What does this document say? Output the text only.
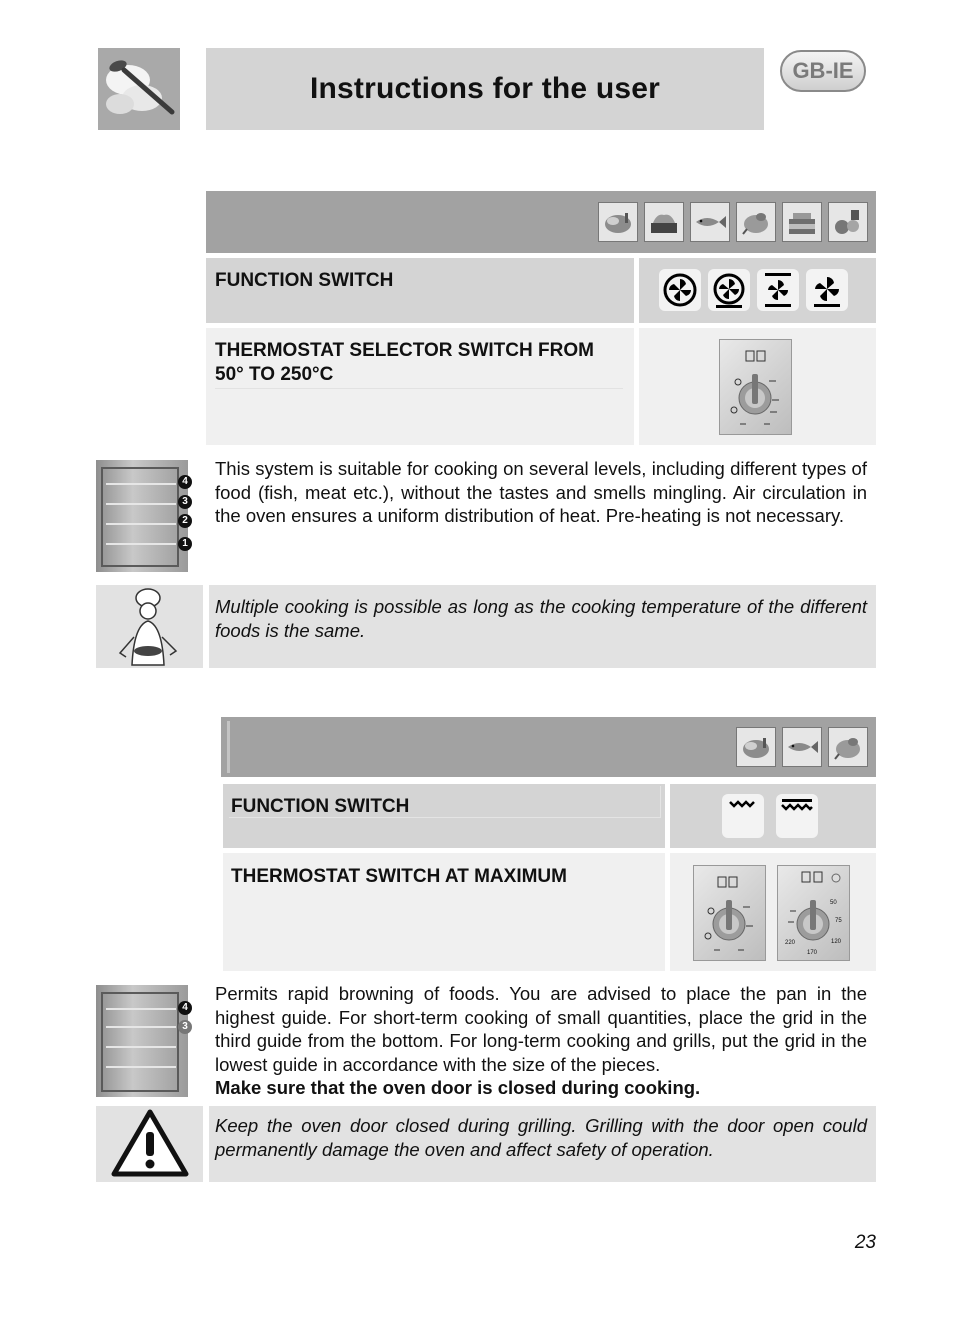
Instructions for the user
GB-IE
FUNCTION SWITCH
THERMOSTAT SELECTOR SWITCH FROM 50° TO 250°C
4
3
2
1
This system is suitable for cooking on several levels, including different types of food (fish, meat etc.), without the tastes and smells mingling. Air circulation in the oven ensures a uniform distribution of heat. Pre-heating is not necessary.
Multiple cooking is possible as long as the cooking temperature of the different foods is the same.
FUNCTION SWITCH
THERMOSTAT SWITCH AT MAXIMUM
50
75
120
170
220
4
3
Permits rapid browning of foods. You are advised to place the pan in the highest guide. For short-term cooking of small quantities, place the grid in the third guide from the bottom. For long-term cooking and grills, put the grid in the lowest guide in accordance with the size of the pieces.
Make sure that the oven door is closed during cooking.
Keep the oven door closed during grilling. Grilling with the door open could permanently damage the oven and affect safety of operation.
23
